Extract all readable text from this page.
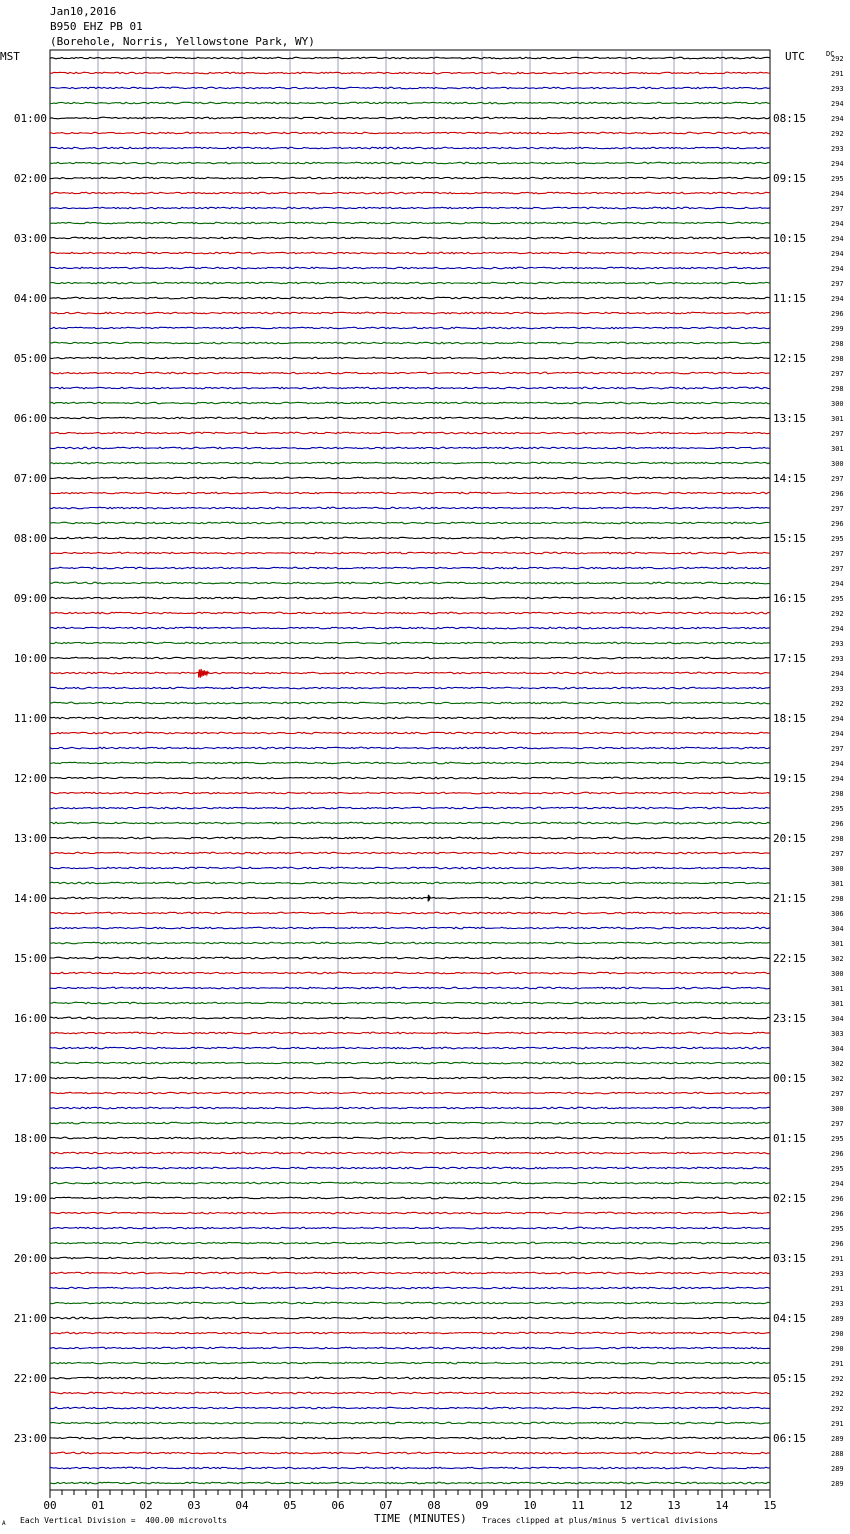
Jan10,2016
B950 EHZ PB 01
(Borehole, Norris, Yellowstone Park, WY)
MST	UTC	DC
292
291
293
294
294
292
293
294
295
294
297
294
294
294
294
297
294
296
299
298
298
297
298
300
301
297
301
300
297
296
297
296
295
297
297
294
295
292
294
293
293
294
293
292
294
294
297
294
294
298
295
296
298
297
300
301
298
306
304
301
302
300
301
301
304
303
304
302
302
297
300
297
295
296
295
294
296
296
295
296
291
293
291
293
289
290
290
291
292
292
292
291
289
288
289
289
01:00
02:00
03:00
04:00
05:00
06:00
07:00
08:00
09:00
10:00
11:00
12:00
13:00
14:00
15:00
16:00
17:00
18:00
19:00
20:00
21:00
22:00
23:00
08:15
09:15
10:15
11:15
12:15
13:15
14:15
15:15
16:15
17:15
18:15
19:15
20:15
21:15
22:15
23:15
00:15
01:15
02:15
03:15
04:15
05:15
06:15
00	01	02	03	04	05	06	07	08	09	10	11	12	13	14	15
A Each Vertical Division =  400.00 microvolts	TIME (MINUTES) Traces clipped at plus/minus 5 vertical divisions
